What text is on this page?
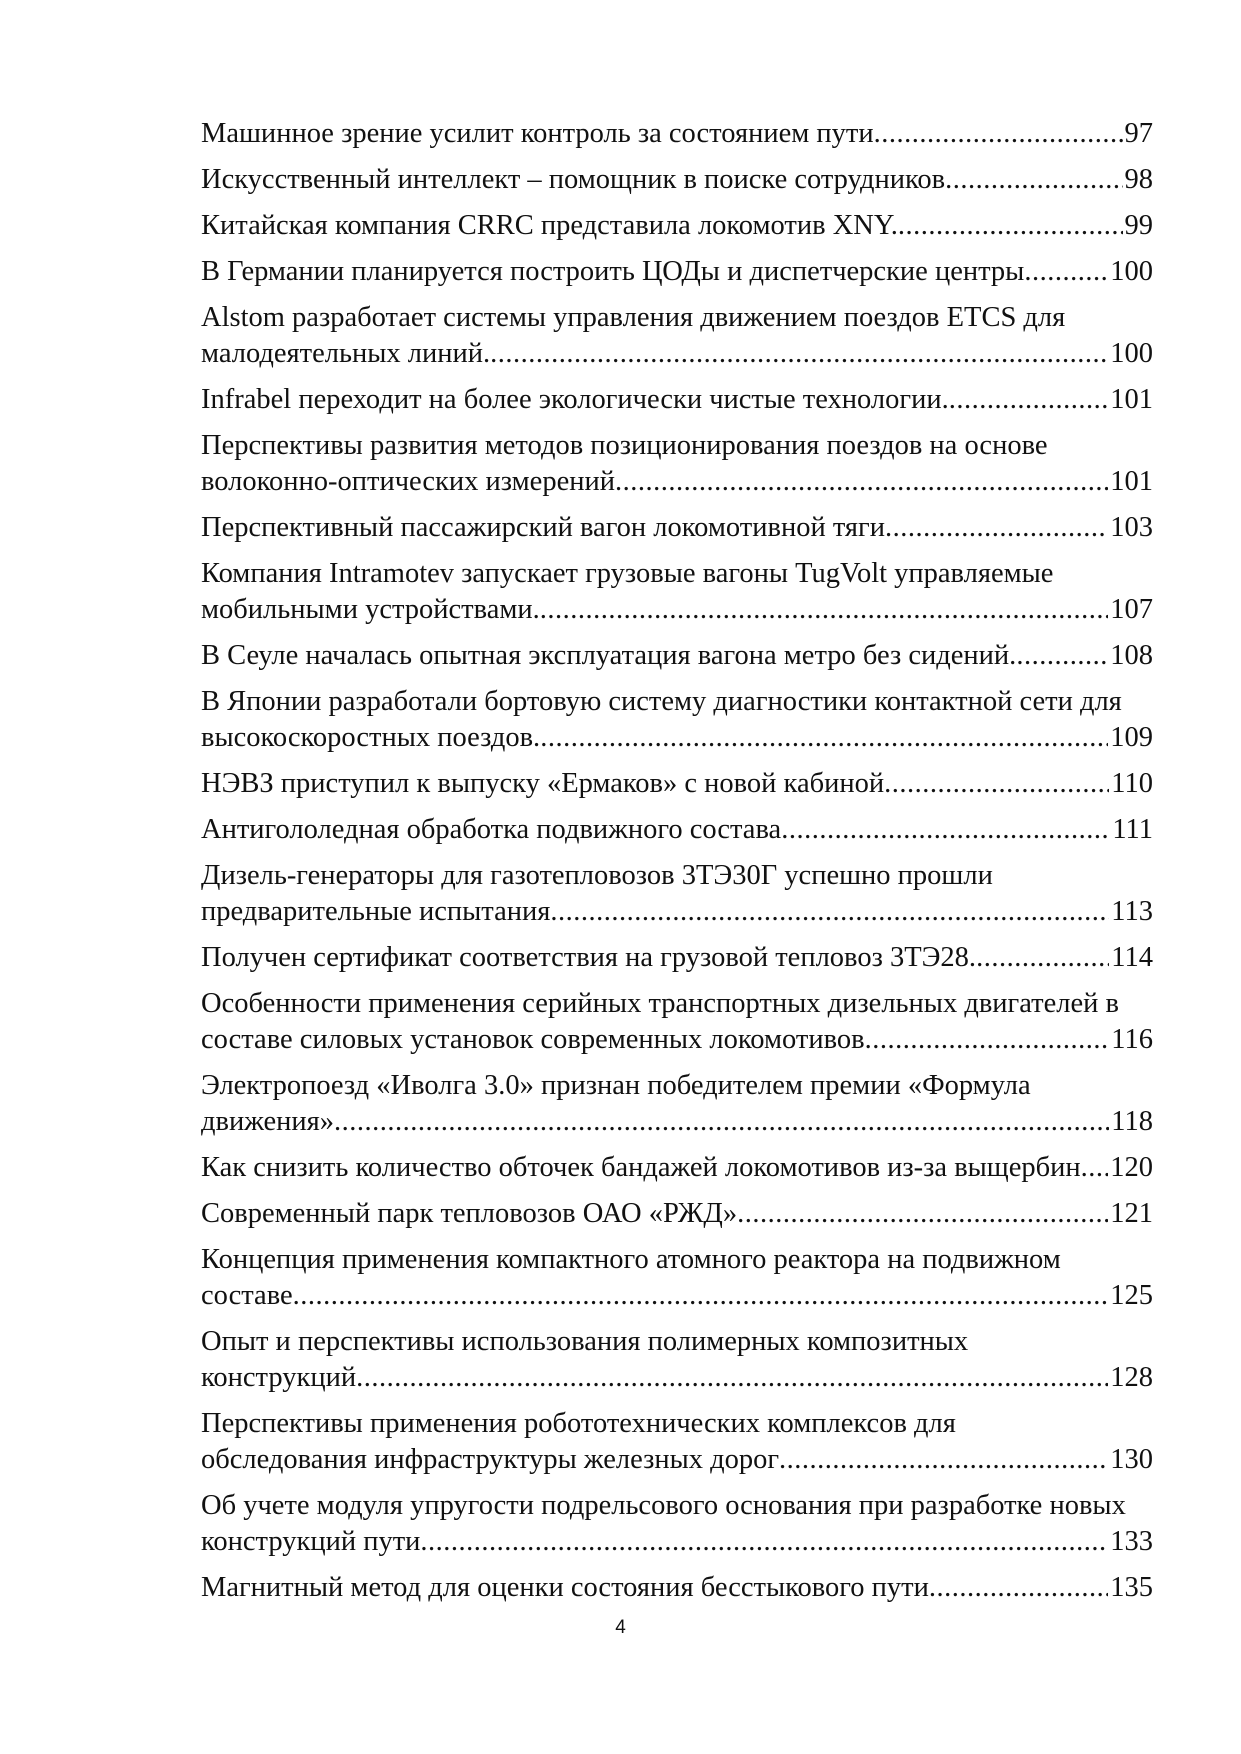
Машинное зрение усилит контроль за состоянием пути .....	97
Искусственный интеллект – помощник в поиске сотрудников .....	98
Китайская компания CRRC представила локомотив XNY. .....	99
В Германии планируется построить ЦОДы и диспетчерские центры .....	100
Alstom разработает системы управления движением поездов ETCS для
малодеятельных линий. .....	100
Infrabel переходит на более экологически чистые технологии. .....	101
Перспективы развития методов позиционирования поездов на основе
волоконно-оптических измерений .....	101
Перспективный пассажирский вагон локомотивной тяги .....	103
Компания Intramotev запускает грузовые вагоны TugVolt управляемые
мобильными устройствами. .....	107
В Сеуле началась опытная эксплуатация вагона метро без сидений. .....	108
В Японии разработали бортовую систему диагностики контактной сети для
высокоскоростных поездов. .....	109
НЭВЗ приступил к выпуску «Ермаков» с новой кабиной .....	110
Антигололедная обработка подвижного состава .....	111
Дизель-генераторы для газотепловозов 3ТЭ30Г успешно прошли
предварительные испытания .....	113
Получен сертификат соответствия на грузовой тепловоз 3ТЭ28. .....	114
Особенности применения серийных транспортных дизельных двигателей в
составе силовых установок современных локомотивов .....	116
Электропоезд «Иволга 3.0» признан победителем премии «Формула
движения» .....	118
Как снизить количество обточек бандажей локомотивов из-за выщербин ..... 120
Современный парк тепловозов ОАО «РЖД» .....	121
Концепция применения компактного атомного реактора на подвижном
составе .....	125
Опыт и перспективы использования полимерных композитных
конструкций .....	128
Перспективы применения робототехнических комплексов для
обследования инфраструктуры железных дорог .....	130
Об учете модуля упругости подрельсового основания при разработке новых
конструкций пути .....	133
Магнитный метод для оценки состояния бесстыкового пути .....	135
4
